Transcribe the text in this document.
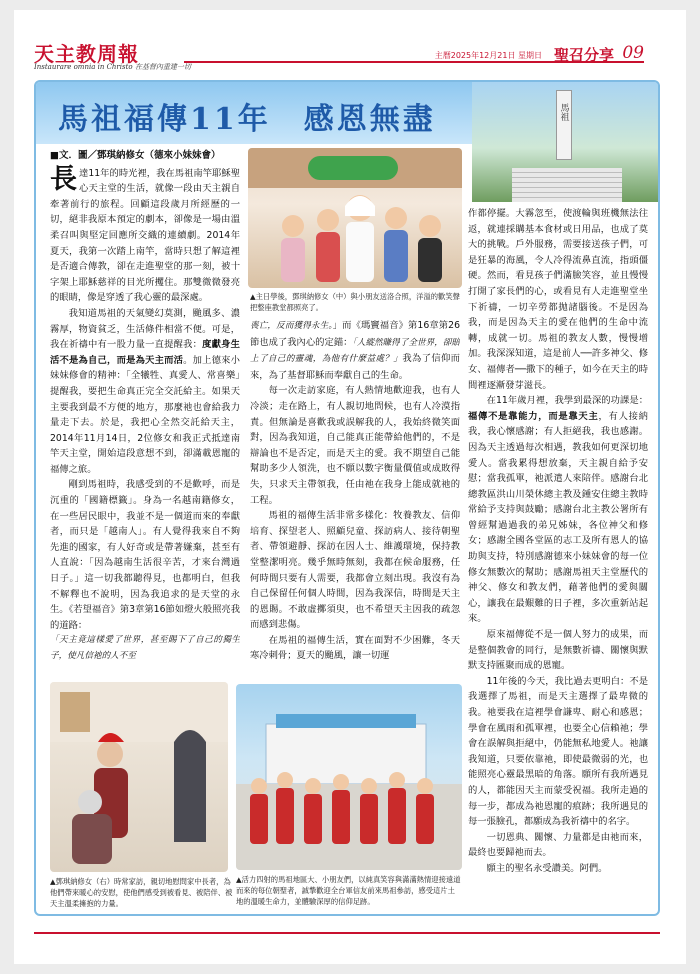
天主教周報
Instaurare omnia in Christo 在基督內重建一切
主曆2025年12月21日 星期日 聖召分享 09
馬祖福傳11年　感恩無盡	馬祖
■文．圖／鄧琪納修女（德來小妹妹會）

長達11年的時光裡，我在馬祖南竿耶穌聖心天主堂的生活，就像一段由天主親自牽著前行的旅程。回顧這段歲月所經歷的一切，絕非我原本預定的劇本，卻像是一場由溫柔召叫與堅定回應所交織的連續劇。2014年夏天，我第一次踏上南竿，當時只想了解這裡是否適合傳教，卻在走進聖堂的那一刻，被十字架上耶穌慈祥的目光所攫住。那雙微微發亮的眼睛，像是穿透了我心靈的最深處。

我知道馬祖的天氣變幻莫測，颱風多、濃霧厚，物資貧乏，生活條件相當不便。可是，我在祈禱中有一股力量一直提醒我：度獻身生活不是為自己，而是為天主而活。加上德來小妹妹修會的精神：「全犧牲、真愛人、常喜樂」提醒我，要把生命真正完全交託給主。如果天主要我到最不方便的地方，那麼祂也會給我力量走下去。於是，我把心全然交託給天主，2014年11月14日，2位修女和我正式抵達南竿天主堂，開始這段意想不到，卻滿載恩寵的福傳之旅。

剛到馬祖時，我感受到的不是歡呼，而是沉重的「國籍標籤」。身為一名越南籍修女，在一些居民眼中，我並不是一個道而來的奉獻者，而只是「越南人」。有人覺得我來自不夠先進的國家，有人好奇或是帶著嫌棄，甚至有人直說：「因為越南生活很辛苦，才來台灣過日子。」這一切我都聽得見，也都明白，但我不解釋也不說明，因為我追求的是天堂的永生。《若望福音》第3章第16節如燈火般照亮我的道路：

「天主竟這樣愛了世界，甚至賜下了自己的獨生子，使凡信祂的人不至

▲主日學後，鄧琪納修女（中）與小朋友送洛合照，洋溢的歡笑聲把整座教堂都照亮了。

喪亡，反而獲得永生。」而《瑪竇福音》第16章第26節也成了我內心的定錨：「人縱然賺得了全世界，卻賠上了自己的靈魂，為他有什麼益處？」我為了信仰而來，為了基督耶穌而奉獻自己的生命。

每一次走訪家庭，有人熱情地歡迎我，也有人冷淡；走在路上，有人親切地問候，也有人冷漠指責。但無論是喜歡我或誤解我的人，我始終微笑面對，因為我知道，自己能真正能帶給他們的，不是辯論也不是否定，而是天主的愛。我不期望自己能幫助多少人領洗，也不願以數字衡量價值或成敗得失，只求天主帶領我，任由祂在我身上能成就祂的工程。

馬祖的福傳生活非常多樣化：牧養教友、信仰培育、探望老人、照顧兒童、探訪病人、接待朝聖者、帶領避靜、探訪在因人士、維護環境，保持教堂整潔明亮。幾乎無時無刻，我都在候命服務，任何時間只要有人需要，我都會立刻出現。我沒有為自己保留任何個人時間，因為我深信，時間是天主的恩賜。不敢虛擲須臾，也不希望天主因我的疏忽而感到悲傷。

在馬祖的福傳生活，實在面對不少困難，冬天寒冷刺骨；夏天的颱風，讓一切運

作都停擺。大霧忽至，使渡輪與班機無法往返，就連採購基本食材或日用品，也成了莫大的挑戰。戶外服務，需要接送孩子們，可是狂暴的海風，令人冷得流鼻直流，指頭僵硬。然而，看見孩子們滿臉笑容，並且慢慢打開了家長們的心，或看見有人走進聖堂坐下祈禱，一切辛勞都抛諸腦後。不是因為我，而是因為天主的愛在他們的生命中流轉，成就一切。馬祖的教友人數，慢慢增加。我深深知道，這是前人──許多神父、修女、福傳者──撒下的種子，如今在天主的時間裡逐漸發芽滋長。

在11年歲月裡，我學到最深的功課是：福傳不是靠能力，而是靠天主，有人接納我，我心懷感謝；有人拒絕我，我也感謝。因為天主透過每次相遇，教我如何更深切地愛人。當我累得想放棄，天主親自給予安慰；當我孤單，祂派遣人來陪伴。感謝台北總教區洪山川榮休總主教及鍾安住總主教時常給予支持與鼓勵；感謝台北主教公署所有曾經幫過過我的弟兄姊妹，各位神父和修女；感謝全國各堂區的志工及所有恩人的協助與支持，特別感謝德來小妹妹會的每一位修女無數次的幫助；感謝馬祖天主堂歷代的神父、修女和教友們，藉著他們的愛與關心，讓我在最艱難的日子裡，多次重新站起來。

原來福傳從不是一個人努力的成果，而是整個教會的同行，是無數祈禱、關懷與默默支持匯聚而成的恩寵。

11年後的今天，我比過去更明白：不是我選擇了馬祖，而是天主選擇了最卑微的我。祂要我在這裡學會謙卑、耐心和感恩；學會在風雨和孤單裡，也要全心信賴祂；學會在誤解與拒絕中，仍能無私地愛人。祂讓我知道，只要依靠祂，即使最微弱的光，也能照亮心靈最黑暗的角落。願所有我所遇見的人，都能因天主而蒙受祝福。我所走過的每一步，都成為祂恩寵的痕跡；我所遇見的每一張臉孔，都願成為我祈禱中的名字。

一切恩典、關懷、力量都是由祂而來，最終也要歸祂而去。

願主的聖名永受讚美。阿們。

▲鄧琪納修女（右）時常家訪，親切地慰問家中長者，為他們帶來暖心的安慰，使他們感受到被看見、被陪伴、被天主溫柔擁抱的力量。
▲活力四射的馬祖地區大、小朋友們，以純真笑容與滿滿熱情迎接遠道而來的每位朝聖者，誠摯歡迎全台軍信友前來馬祖參訪，感受這片土地的溫暖生命力，並體驗深厚的信仰足跡。
